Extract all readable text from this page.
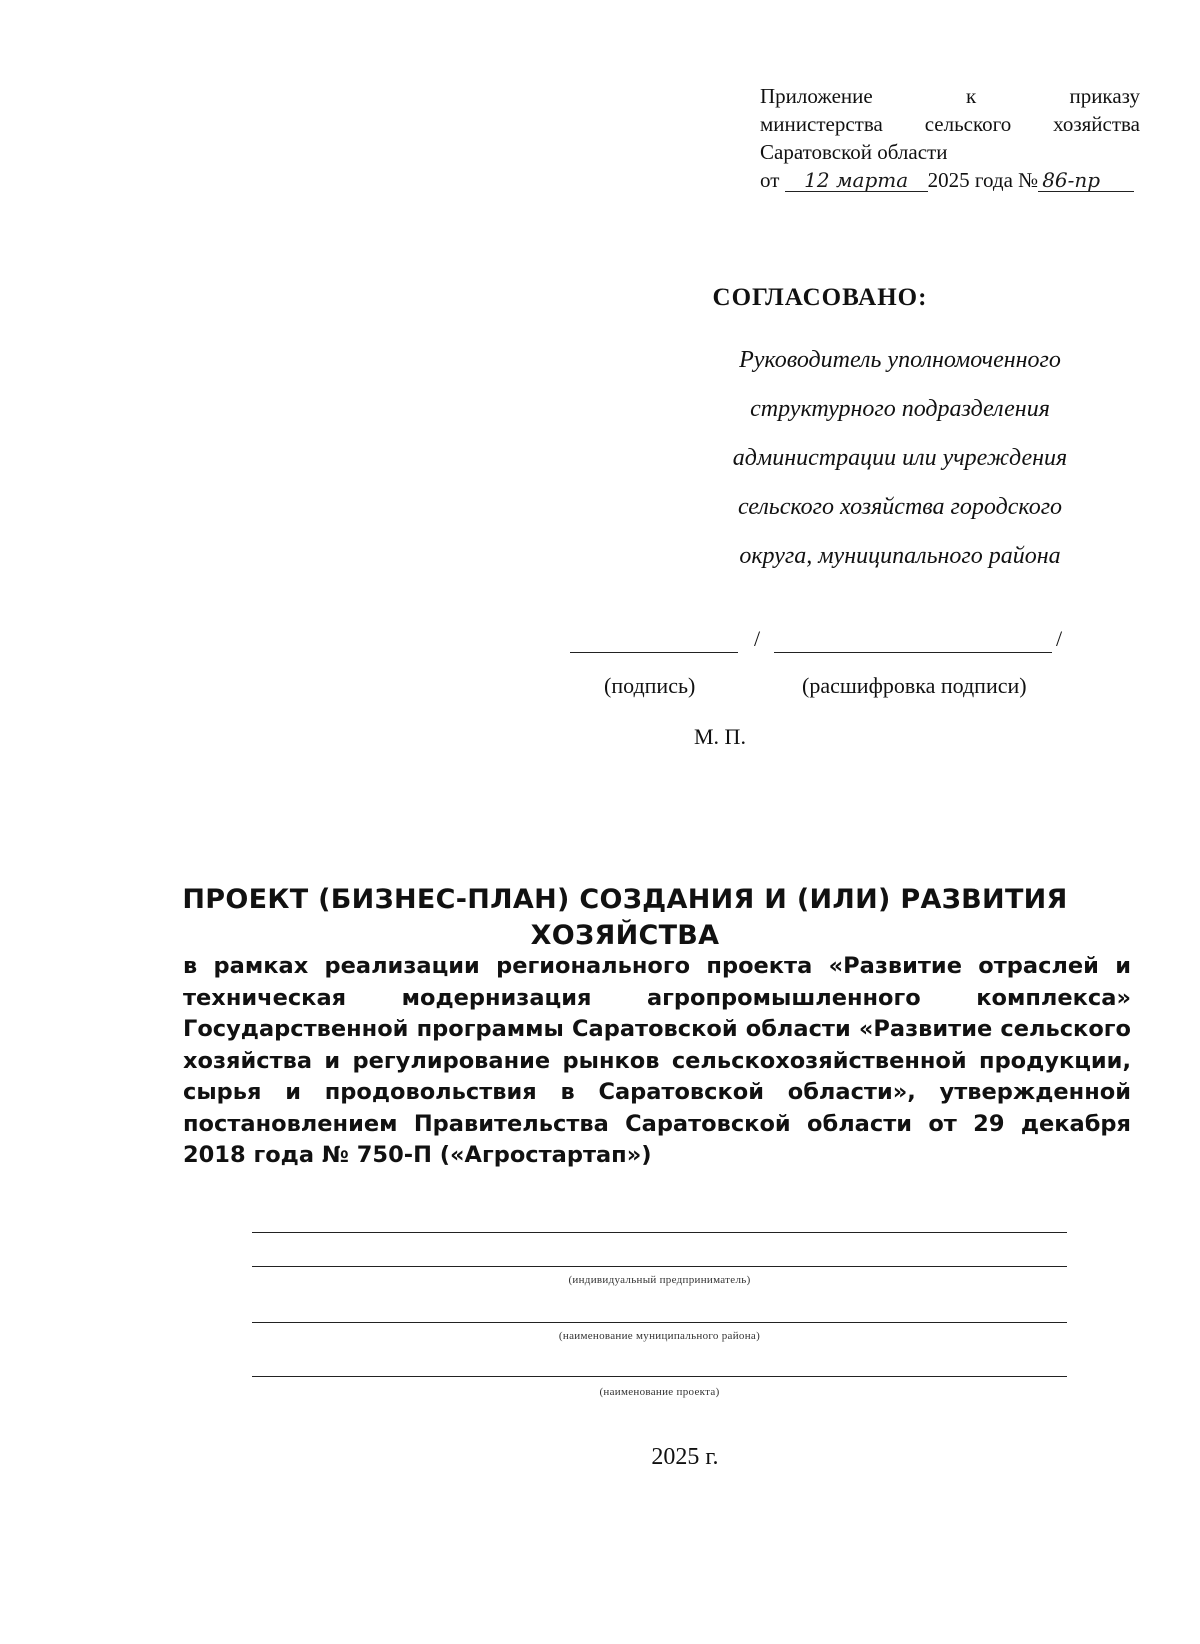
Приложение	к	приказу
министерства сельского хозяйства
Саратовской области
от 12 марта 2025 года № 86-пр
СОГЛАСОВАНО:
Руководитель уполномоченного
структурного подразделения
администрации или учреждения
сельского хозяйства городского
округа, муниципального района
/	/
(подпись)	(расшифровка подписи)
М. П.
ПРОЕКТ (БИЗНЕС-ПЛАН) СОЗДАНИЯ И (ИЛИ) РАЗВИТИЯ
ХОЗЯЙСТВА
в рамках реализации регионального проекта «Развитие отраслей и техническая модернизация агропромышленного комплекса» Государственной программы Саратовской области «Развитие сельского хозяйства и регулирование рынков сельскохозяйственной продукции, сырья и продовольствия в Саратовской области», утвержденной постановлением Правительства Саратовской области от 29 декабря 2018 года № 750-П («Агростартап»)
(индивидуальный предприниматель)
(наименование муниципального района)
(наименование проекта)
2025 г.
